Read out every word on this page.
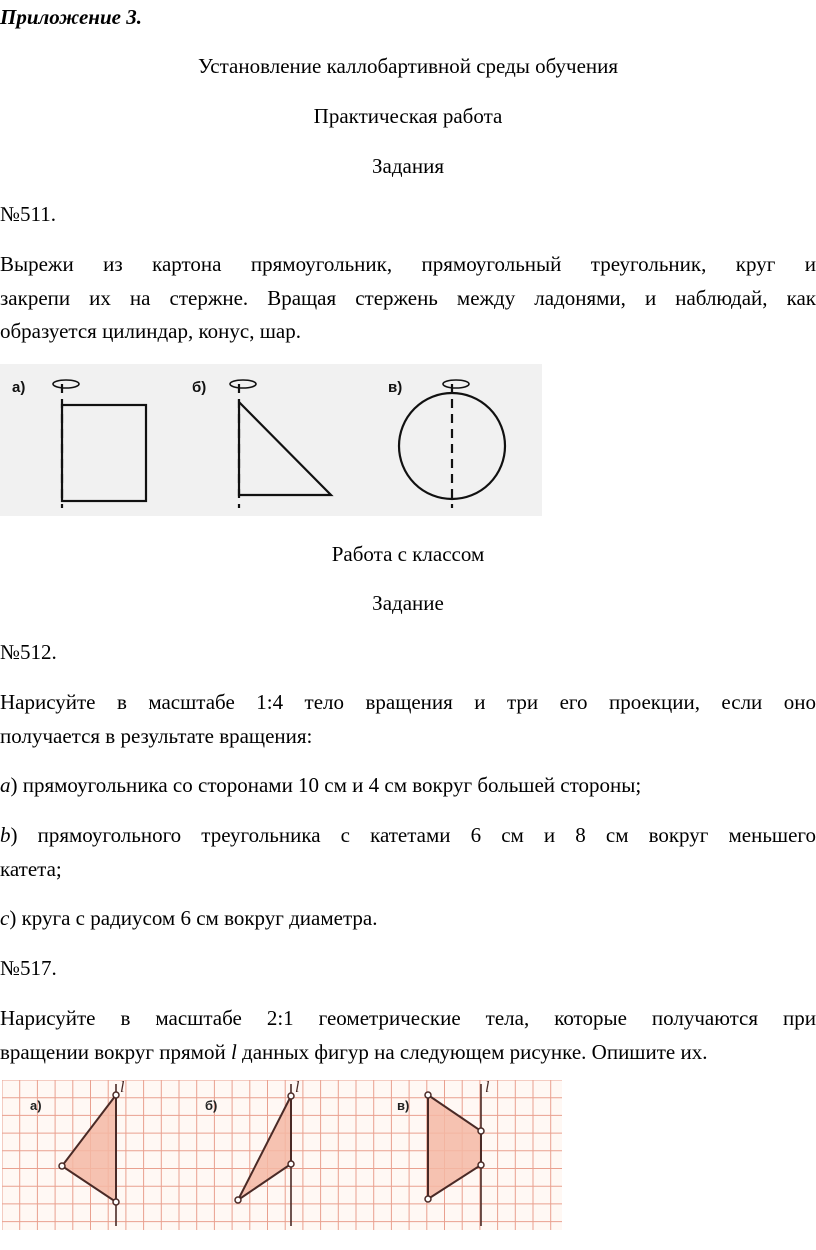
Приложение 3.
Установление каллобартивной среды обучения
Практическая работа
Задания
№511.
Вырежи из картона прямоугольник, прямоугольный треугольник, круг и
закрепи их на стержне. Вращая стержень между ладонями, и наблюдай, как
образуется цилиндар, конус, шар.
а)	б)	в)
Работа с классом
Задание
№512.
Нарисуйте в масштабе 1:4 тело вращения и три его проекции, если оно
получается в результате вращения:
a) прямоугольника со сторонами 10 см и 4 см вокруг большей стороны;
b) прямоугольного треугольника с катетами 6 см и 8 см вокруг меньшего
катета;
c) круга с радиусом 6 см вокруг диаметра.
№517.
Нарисуйте в масштабе 2:1 геометрические тела, которые получаются при
вращении вокруг прямой l данных фигур на следующем рисунке. Опишите их.
l	l	l
а)	б)	в)
